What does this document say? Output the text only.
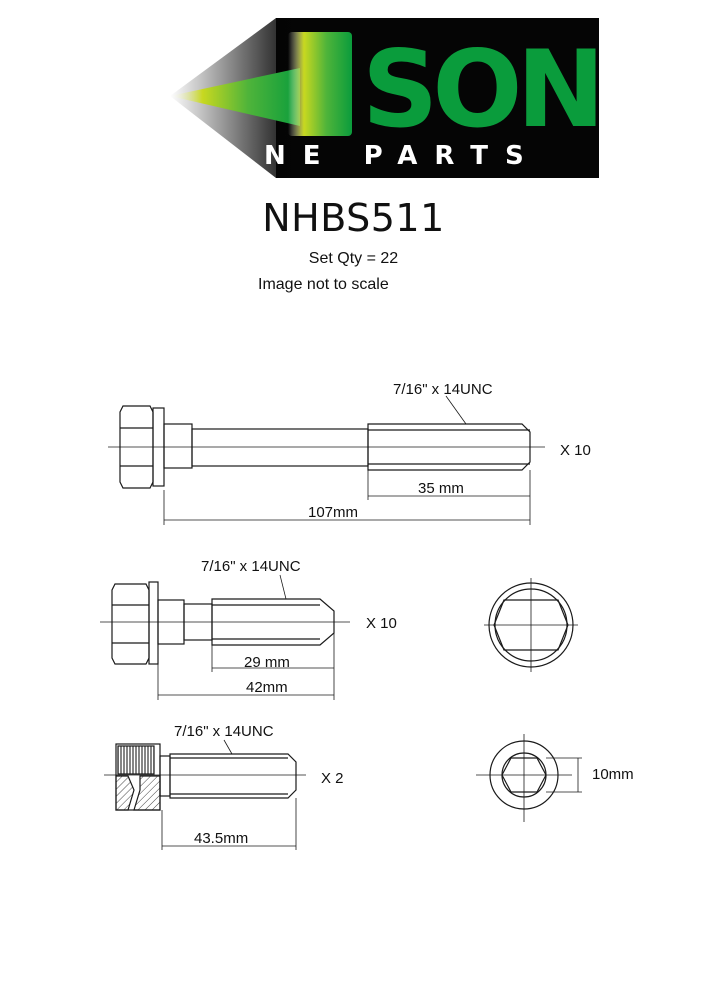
SON
NE PARTS
NHBS511
Set Qty = 22
Image not to scale
7/16" x 14UNC
X 10
35 mm
107mm
7/16" x 14UNC
X 10
29 mm
42mm
7/16" x 14UNC
X 2
43.5mm
10mm
